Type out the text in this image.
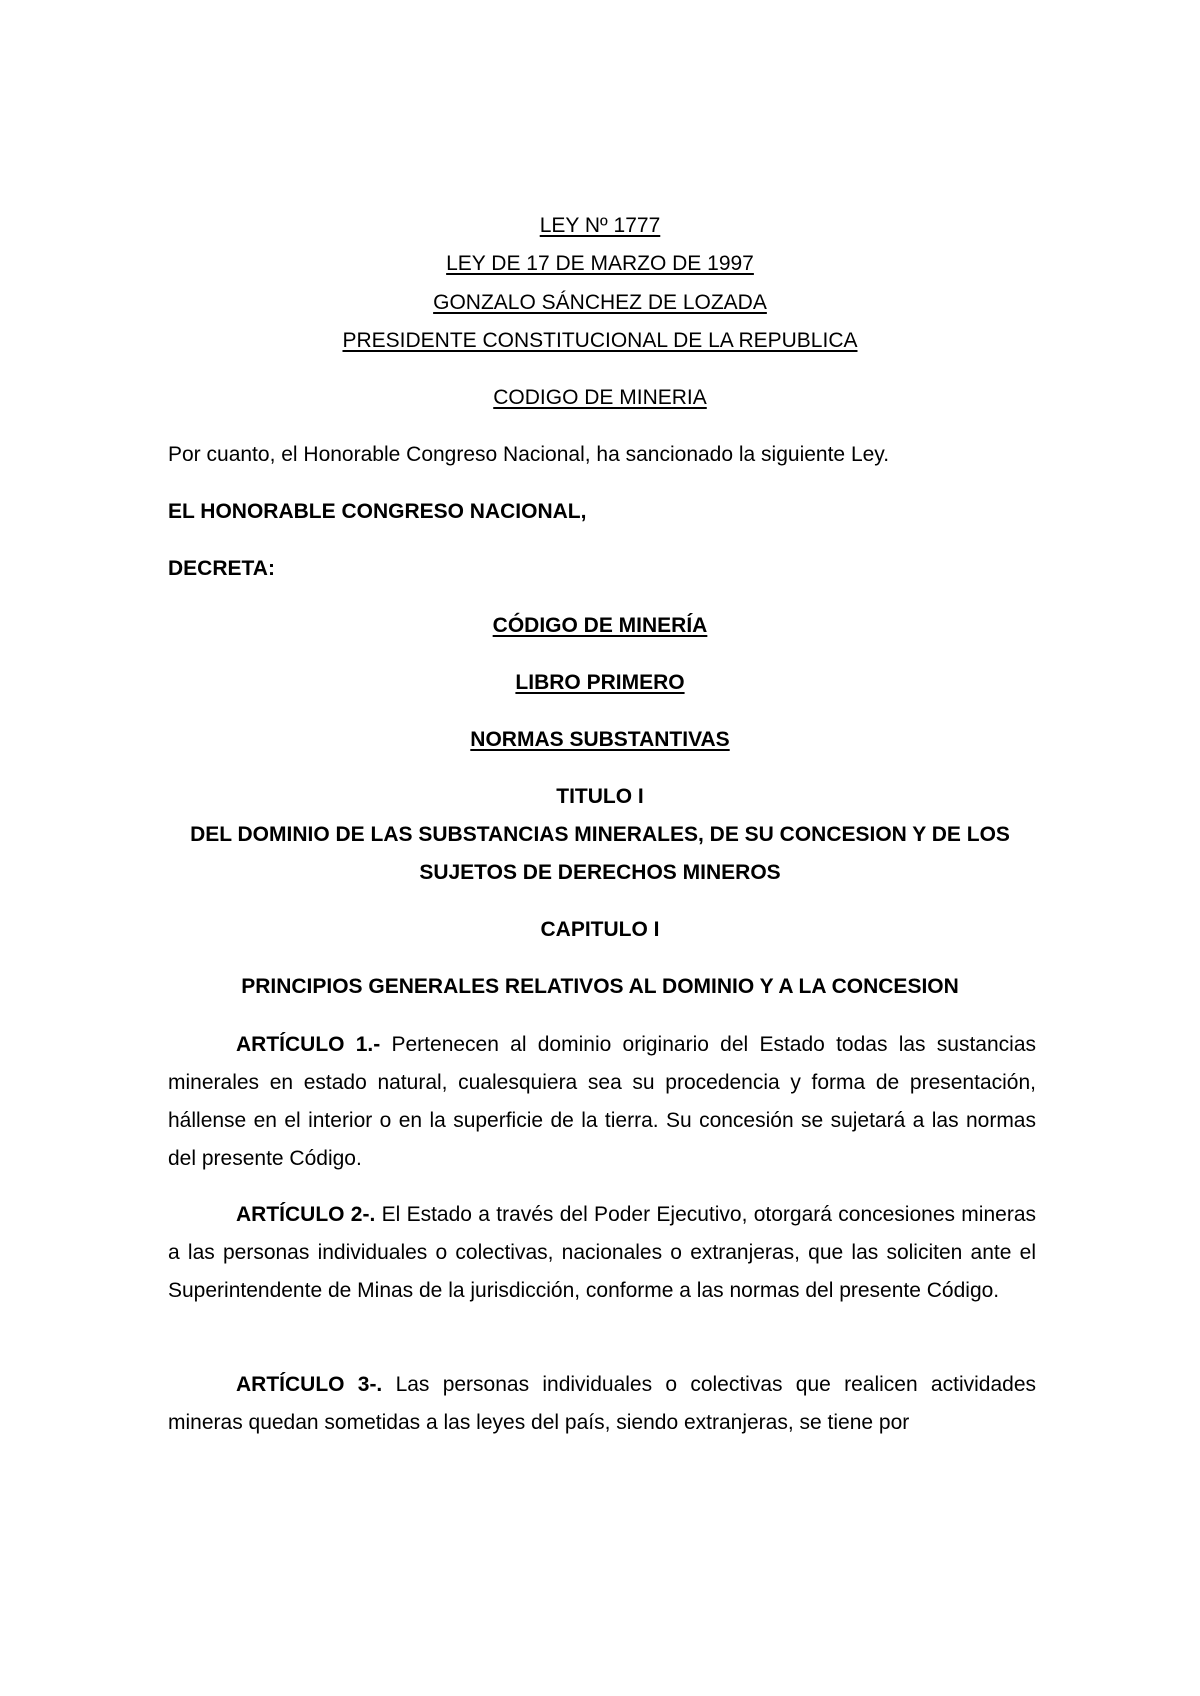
LEY Nº 1777
LEY DE 17 DE MARZO DE 1997
GONZALO SÁNCHEZ DE LOZADA
PRESIDENTE CONSTITUCIONAL DE LA REPUBLICA
CODIGO DE MINERIA
Por cuanto, el Honorable Congreso Nacional, ha sancionado la siguiente Ley.
EL HONORABLE CONGRESO NACIONAL,
DECRETA:
CÓDIGO DE MINERÍA
LIBRO PRIMERO
NORMAS SUBSTANTIVAS
TITULO I
DEL DOMINIO DE LAS SUBSTANCIAS MINERALES, DE SU CONCESION Y DE LOS
SUJETOS DE DERECHOS MINEROS
CAPITULO I
PRINCIPIOS GENERALES RELATIVOS AL DOMINIO Y A LA CONCESION
ARTÍCULO 1.- Pertenecen al dominio originario del Estado todas las sustancias minerales en estado natural, cualesquiera sea su procedencia y forma de presentación, hállense en el interior o en la superficie de la tierra. Su concesión se sujetará a las normas del presente Código.
ARTÍCULO 2-. El Estado a través del Poder Ejecutivo, otorgará concesiones mineras a las personas individuales o colectivas, nacionales o extranjeras, que las soliciten ante el Superintendente de Minas de la jurisdicción, conforme a las normas del presente Código.
ARTÍCULO 3-. Las personas individuales o colectivas que realicen actividades mineras quedan sometidas a las leyes del país, siendo extranjeras, se tiene por
